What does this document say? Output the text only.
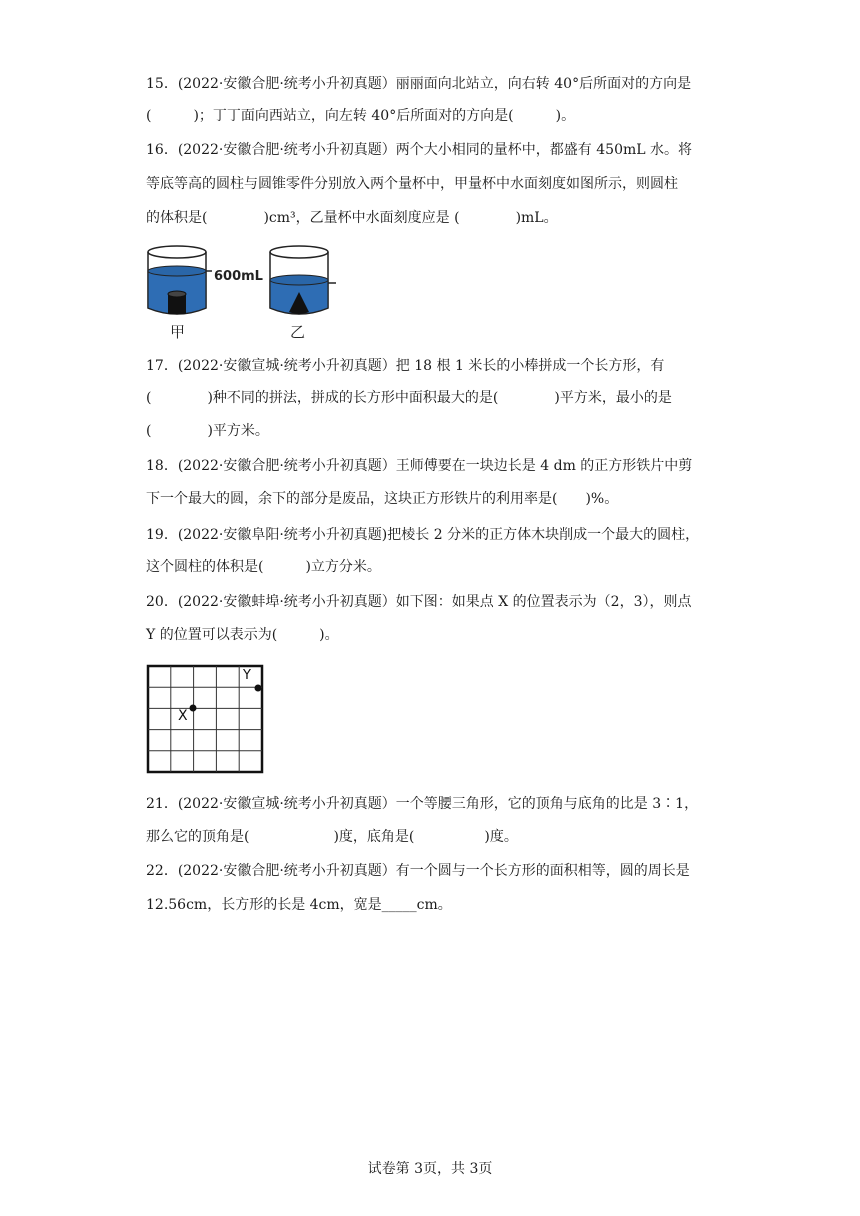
15．(2022·安徽合肥·统考小升初真题）丽丽面向北站立，向右转 40°后所面对的方向是
(　　　)；丁丁面向西站立，向左转 40°后所面对的方向是(　　　)。
16．(2022·安徽合肥·统考小升初真题）两个大小相同的量杯中，都盛有 450mL 水。将
等底等高的圆柱与圆锥零件分别放入两个量杯中，甲量杯中水面刻度如图所示，则圆柱
的体积是(　　　　)cm³，乙量杯中水面刻度应是 (　　　　)mL。
600mL
甲	乙
17．(2022·安徽宣城·统考小升初真题）把 18 根 1 米长的小棒拼成一个长方形，有
(　　　　)种不同的拼法，拼成的长方形中面积最大的是(　　　　)平方米，最小的是
(　　　　)平方米。
18．(2022·安徽合肥·统考小升初真题）王师傅要在一块边长是 4 dm 的正方形铁片中剪
下一个最大的圆，余下的部分是废品，这块正方形铁片的利用率是(　　)%。
19．(2022·安徽阜阳·统考小升初真题)把棱长 2 分米的正方体木块削成一个最大的圆柱，
这个圆柱的体积是(　　　)立方分米。
20．(2022·安徽蚌埠·统考小升初真题）如下图：如果点 X 的位置表示为（2，3），则点
Y 的位置可以表示为(　　　)。
X
Y
21．(2022·安徽宣城·统考小升初真题）一个等腰三角形，它的顶角与底角的比是 3∶1，
那么它的顶角是(　　　　　　)度，底角是(　　　　　)度。
22．(2022·安徽合肥·统考小升初真题）有一个圆与一个长方形的面积相等，圆的周长是
12.56cm，长方形的长是 4cm，宽是_____cm。
试卷第 3页，共 3页
